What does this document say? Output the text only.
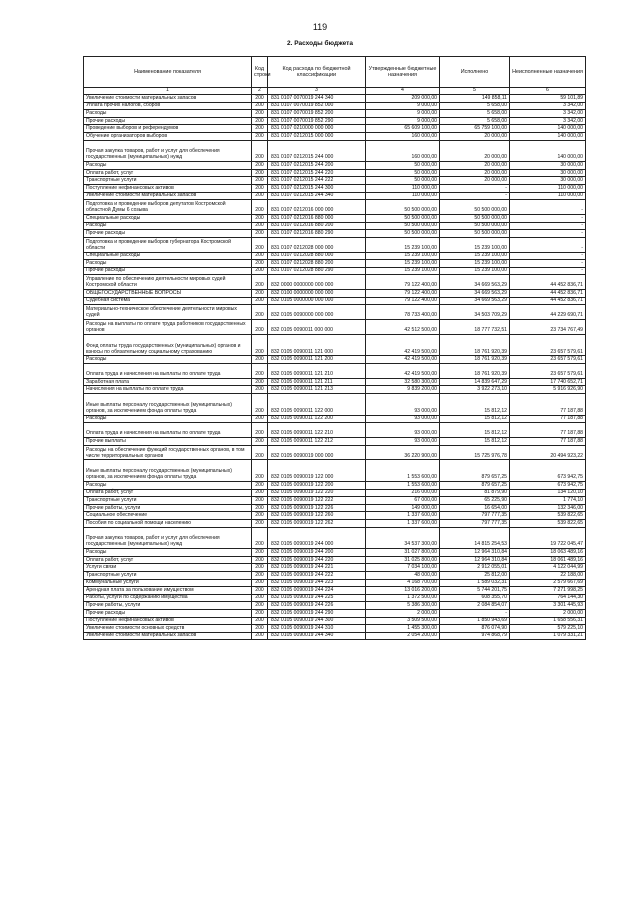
119
2. Расходы бюджета
Наименование показателя	Код строки	Код расхода по бюджетной классификации	Утвержденные бюджетные назначения	Исполнено	Неисполненные назначения
1	2	3	4	5	6
Увеличение стоимости материальных запасов	200	831 0107 0070019 244 340	209 000,00	149 858,11	59 101,89
Уплата прочих налогов, сборов	200	831 0107 0070019 852 000	9 000,00	5 658,00	3 342,00
Расходы	200	831 0107 0070019 852 200	9 000,00	5 658,00	3 342,00
Прочие расходы	200	831 0107 0070019 852 290	9 000,00	5 658,00	3 342,00
Проведение выборов и референдумов	200	831 0107 0210000 000 000	65 609 100,00	65 759 100,00	140 000,00
Обучение организаторов выборов	200	831 0107 0212015 000 000	160 000,00	20 000,00	140 000,00
Прочая закупка товаров, работ и услуг для обеспечения государственных (муниципальных) нужд	200	831 0107 0212015 244 000	160 000,00	20 000,00	140 000,00
Расходы	200	831 0107 0212015 244 200	50 000,00	20 000,00	30 000,00
Оплата работ, услуг	200	831 0107 0212015 244 220	50 000,00	20 000,00	30 000,00
Транспортные услуги	200	831 0107 0212015 244 222	50 000,00	20 000,00	30 000,00
Поступление нефинансовых активов	200	831 0107 0212015 244 300	110 000,00	-	110 000,00
Увеличение стоимости материальных запасов	200	831 0107 0212015 244 340	110 000,00	-	110 000,00
Подготовка и проведение выборов депутатов Костромской областной Думы 6 созыва	200	831 0107 0212016 000 000	50 500 000,00	50 500 000,00	-
Специальные расходы	200	831 0107 0212016 880 000	50 500 000,00	50 500 000,00	-
Расходы	200	831 0107 0212016 880 200	50 500 000,00	50 500 000,00	-
Прочие расходы	200	831 0107 0212016 880 290	50 500 000,00	50 500 000,00	-
Подготовка и проведение выборов губернатора Костромской области	200	831 0107 0212028 000 000	15 239 100,00	15 239 100,00	-
Специальные расходы	200	831 0107 0212028 880 000	15 239 100,00	15 239 100,00	-
Расходы	200	831 0107 0212028 880 200	15 239 100,00	15 239 100,00	-
Прочие расходы	200	831 0107 0212028 880 290	15 239 100,00	15 239 100,00	-
Управление по обеспечению деятельности мировых судей Костромской области	200	832 0000 0000000 000 000	79 122 400,00	34 669 563,29	44 452 836,71
ОБЩЕГОСУДАРСТВЕННЫЕ ВОПРОСЫ	200	832 0100 0000000 000 000	79 122 400,00	34 669 563,29	44 452 836,71
Судебная система	200	832 0105 0000000 000 000	79 122 400,00	34 669 563,29	44 452 836,71
Материально-техническое обеспечение деятельности мировых судей	200	832 0105 0090000 000 000	78 733 400,00	34 503 709,29	44 229 690,71
Расходы на выплаты по оплате труда работников государственных органов	200	832 0105 0090011 000 000	42 512 500,00	18 777 732,51	23 734 767,49
Фонд оплаты труда государственных (муниципальных) органов и взносы по обязательному социальному страхованию	200	832 0105 0090011 121 000	42 419 500,00	18 761 920,39	23 657 579,61
Расходы	200	832 0105 0090011 121 200	42 419 500,00	18 761 920,39	23 657 579,61
Оплата труда и начисления на выплаты по оплате труда	200	832 0105 0090011 121 210	42 419 500,00	18 761 920,39	23 657 579,61
Заработная плата	200	832 0105 0090011 121 211	32 580 300,00	14 839 647,29	17 740 652,71
Начисления на выплаты по оплате труда	200	832 0105 0090011 121 213	9 839 200,00	3 922 273,10	5 916 926,90
Иные выплаты персоналу государственных (муниципальных) органов, за исключением фонда оплаты труда	200	832 0105 0090011 122 000	93 000,00	15 812,12	77 187,88
Расходы	200	832 0105 0090011 122 200	93 000,00	15 812,12	77 187,88
Оплата труда и начисления на выплаты по оплате труда	200	832 0105 0090011 122 210	93 000,00	15 812,12	77 187,88
Прочие выплаты	200	832 0105 0090011 122 212	93 000,00	15 812,12	77 187,88
Расходы на обеспечение функций государственных органов, в том числе территориальных органов	200	832 0105 0090019 000 000	36 220 900,00	15 725 976,78	20 494 923,22
Иные выплаты персоналу государственных (муниципальных) органов, за исключением фонда оплаты труда	200	832 0105 0090019 122 000	1 553 600,00	879 657,25	673 942,75
Расходы	200	832 0105 0090019 122 200	1 553 600,00	879 657,25	673 942,75
Оплата работ, услуг	200	832 0105 0090019 122 220	216 000,00	81 879,90	134 120,10
Транспортные услуги	200	832 0105 0090019 122 222	67 000,00	65 225,90	1 774,10
Прочие работы, услуги	200	832 0105 0090019 122 226	149 000,00	16 654,00	132 346,00
Социальное обеспечение	200	832 0105 0090019 122 260	1 337 600,00	797 777,35	539 822,65
Пособия по социальной помощи населению	200	832 0105 0090019 122 262	1 337 600,00	797 777,35	539 822,65
Прочая закупка товаров, работ и услуг для обеспечения государственных (муниципальных) нужд	200	832 0105 0090019 244 000	34 537 300,00	14 815 254,53	19 722 045,47
Расходы	200	832 0105 0090019 244 200	31 027 800,00	12 964 310,84	18 063 489,16
Оплата работ, услуг	200	832 0105 0090019 244 220	31 025 800,00	12 964 310,84	18 061 489,16
Услуги связи	200	832 0105 0090019 244 221	7 034 100,00	2 912 055,01	4 122 044,99
Транспортные услуги	200	832 0105 0090019 244 222	48 000,00	25 812,00	22 188,00
Коммунальные услуги	200	832 0105 0090019 244 223	4 168 700,00	1 589 032,31	2 579 667,69
Арендная плата за пользование имуществом	200	832 0105 0090019 244 224	13 016 200,00	5 744 201,75	7 271 998,25
Работы, услуги по содержанию имущества	200	832 0105 0090019 244 225	1 372 500,00	608 355,70	764 144,30
Прочие работы, услуги	200	832 0105 0090019 244 226	5 386 300,00	2 084 854,07	3 301 445,93
Прочие расходы	200	832 0105 0090019 244 290	2 000,00	-	2 000,00
Поступление нефинансовых активов	200	832 0105 0090019 244 300	3 509 500,00	1 850 943,69	1 658 556,31
Увеличение стоимости основных средств	200	832 0105 0090019 244 310	1 455 300,00	876 074,90	579 225,10
Увеличение стоимости материальных запасов	200	832 0105 0090019 244 340	2 054 200,00	974 868,79	1 079 331,21
